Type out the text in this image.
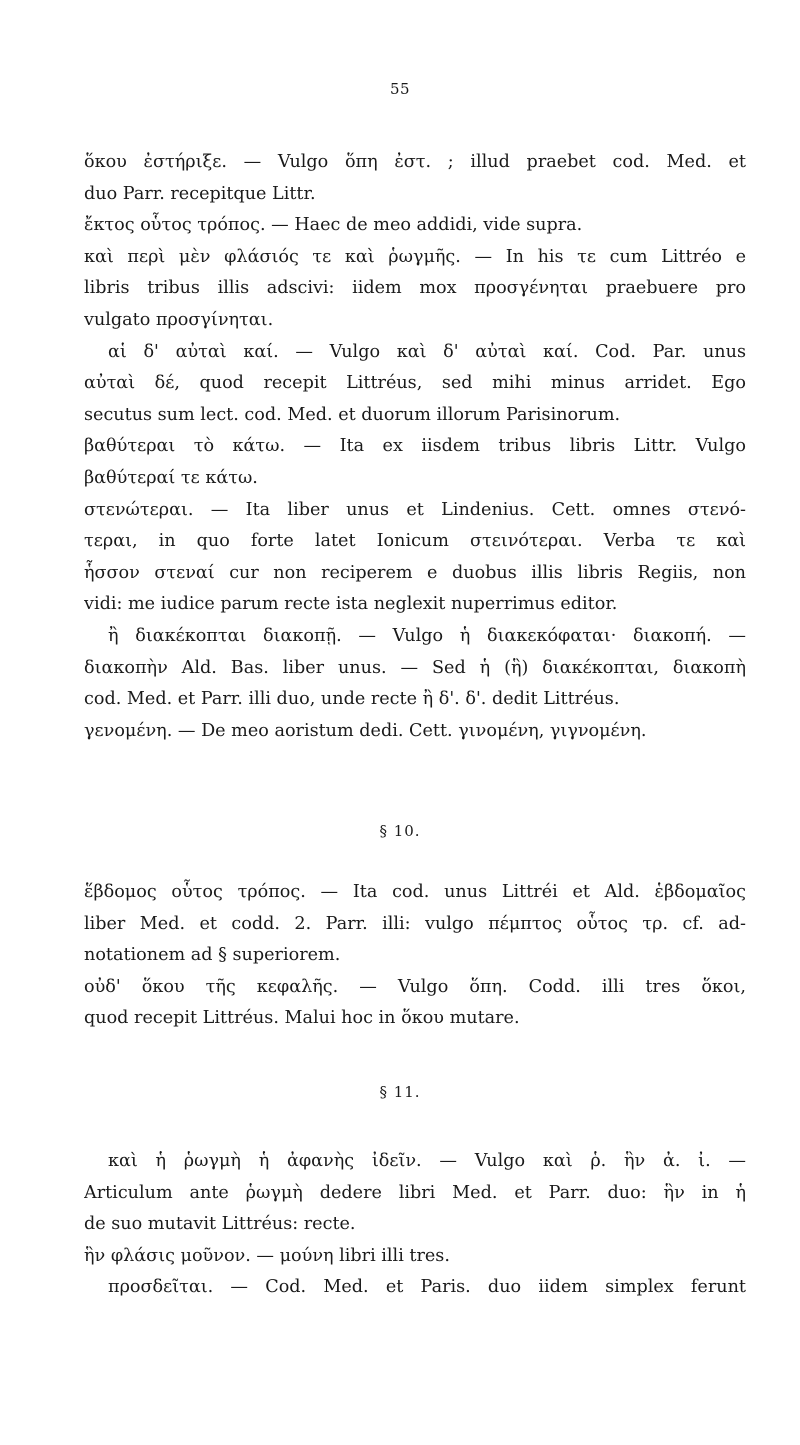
55
ὅκου ἐστήριξε. — Vulgo ὅπη ἐστ. ; illud praebet cod. Med. et
duo Parr. recepitque Littr.
ἔκτος οὗτος τρόπος. — Haec de meo addidi, vide supra.
καὶ περὶ μὲν φλάσιός τε καὶ ῥωγμῆς. — In his τε cum Littréo e
libris tribus illis adscivi: iidem mox προσγένηται praebuere pro
vulgato προσγίνηται.
αἱ δ' αὐταὶ καί. — Vulgo καὶ δ' αὐταὶ καί. Cod. Par. unus
αὐταὶ δέ, quod recepit Littréus, sed mihi minus arridet. Ego
secutus sum lect. cod. Med. et duorum illorum Parisinorum.
βαθύτεραι τὸ κάτω. — Ita ex iisdem tribus libris Littr. Vulgo
βαθύτεραί τε κάτω.
στενώτεραι. — Ita liber unus et Lindenius. Cett. omnes στενό-
τεραι, in quo forte latet Ionicum στεινότεραι. Verba τε καὶ
ἧσσον στεναί cur non reciperem e duobus illis libris Regiis, non
vidi: me iudice parum recte ista neglexit nuperrimus editor.
ἢ διακέκοπται διακοπῇ. — Vulgo ἡ διακεκόφαται· διακοπή. —
διακοπὴν Ald. Bas. liber unus. — Sed ἡ (ἣ) διακέκοπται, διακοπὴ
cod. Med. et Parr. illi duo, unde recte ἢ δ'. δ'. dedit Littréus.
γενομένη. — De meo aoristum dedi. Cett. γινομένη, γιγνομένη.
§ 10.
ἕβδομος οὗτος τρόπος. — Ita cod. unus Littréi et Ald. ἑβδομαῖος
liber Med. et codd. 2. Parr. illi: vulgo πέμπτος οὗτος τρ. cf. ad-
notationem ad § superiorem.
οὐδ' ὅκου τῆς κεφαλῆς. — Vulgo ὅπη. Codd. illi tres ὅκοι,
quod recepit Littréus. Malui hoc in ὅκου mutare.
§ 11.
καὶ ἡ ῥωγμὴ ἡ ἀφανὴς ἰδεῖν. — Vulgo καὶ ῥ. ἣν ἀ. ἰ. —
Articulum ante ῥωγμὴ dedere libri Med. et Parr. duo: ἣν in ἡ
de suo mutavit Littréus: recte.
ἣν φλάσις μοῦνον. — μούνη libri illi tres.
προσδεῖται. — Cod. Med. et Paris. duo iidem simplex ferunt
